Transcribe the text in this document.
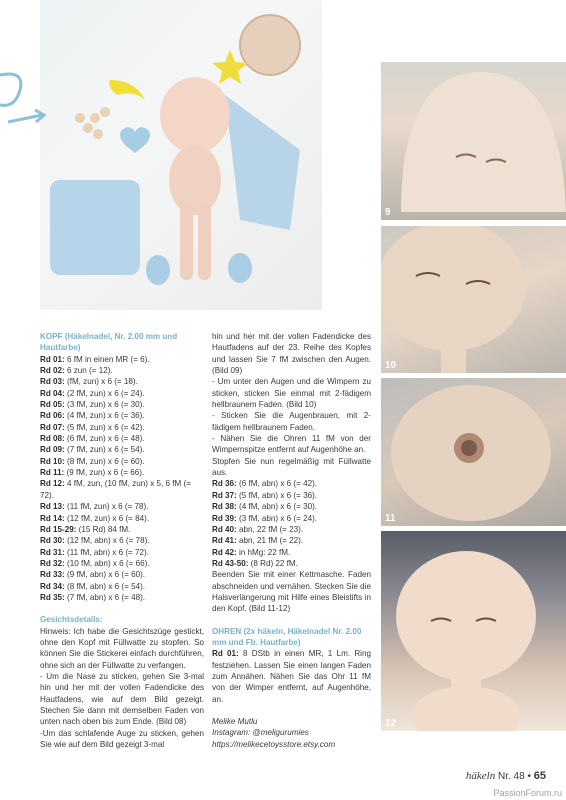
9
10
11
12

KOPF (Häkelnadel, Nr. 2.00 mm und Hautfarbe)

Rd 01: 6 fM in einen MR (= 6).

Rd 02: 6 zun (= 12).

Rd 03: (fM, zun) x 6 (= 18).

Rd 04: (2 fM, zun) x 6 (= 24).

Rd 05: (3 fM, zun) x 6 (= 30).

Rd 06: (4 fM, zun) x 6 (= 36).

Rd 07: (5 fM, zun) x 6 (= 42).

Rd 08: (6 fM, zun) x 6 (= 48).

Rd 09: (7 fM, zun) x 6 (= 54).

Rd 10: (8 fM, zun) x 6 (= 60).

Rd 11: (9 fM, zun) x 6 (= 66).

Rd 12: 4 fM, zun, (10 fM, zun) x 5, 6 fM (= 72).

Rd 13: (11 fM, zun) x 6 (= 78).

Rd 14: (12 fM, zun) x 6 (= 84).

Rd 15-29: (15 Rd) 84 fM.

Rd 30: (12 fM, abn) x 6 (= 78).

Rd 31: (11 fM, abn) x 6 (= 72).

Rd 32: (10 fM, abn) x 6 (= 66).

Rd 33: (9 fM, abn) x 6 (= 60).

Rd 34: (8 fM, abn) x 6 (= 54).

Rd 35: (7 fM, abn) x 6 (= 48).

Gesichtsdetails:

Hinweis: Ich habe die Gesichtszüge gestickt, ohne den Kopf mit Füllwatte zu stopfen. So können Sie die Stickerei einfach durchführen, ohne sich an der Füllwatte zu verfangen.

- Um die Nase zu sticken, gehen Sie 3-mal hin und her mit der vollen Fadendicke des Hautfadens, wie auf dem Bild gezeigt. Stechen Sie dann mit demselben Faden von unten nach oben bis zum Ende. (Bild 08)

-Um das schlafende Auge zu sticken, gehen Sie wie auf dem Bild gezeigt 3-mal

hin und her mit der vollen Fadendicke des Hautfadens auf der 23. Reihe des Kopfes und lassen Sie 7 fM zwischen den Augen. (Bild 09)

- Um unter den Augen und die Wimpern zu sticken, sticken Sie einmal mit 2-fädigem hellbraunem Faden. (Bild 10)

- Sticken Sie die Augenbrauen, mit 2-fädigem hellbraunem Faden.

- Nähen Sie die Ohren 11 fM von der Wimpernspitze entfernt auf Augenhöhe an.

Stopfen Sie nun regelmäßig mit Füllwatte aus.

Rd 36: (6 fM, abn) x 6 (= 42).

Rd 37: (5 fM, abn) x 6 (= 36).

Rd 38: (4 fM, abn) x 6 (= 30).

Rd 39: (3 fM, abn) x 6 (= 24).

Rd 40: abn, 22 fM (= 23).

Rd 41: abn, 21 fM (= 22).

Rd 42: in hMg: 22 fM.

Rd 43-50: (8 Rd) 22 fM.

Beenden Sie mit einer Kettmasche. Faden abschneiden und vernähen. Stecken Sie die Halsverlängerung mit Hilfe eines Bleistifts in den Kopf. (Bild 11-12)

OHREN (2x häkeln, Häkelnadel Nr. 2.00 mm und Fb. Hautfarbe)

Rd 01: 8 DStb in einen MR, 1 Lm. Ring festziehen. Lassen Sie einen langen Faden zum Annähen. Nähen Sie das Ohr 11 fM von der Wimper entfernt, auf Augenhöhe, an.

Melike Mutlu

Instagram: @meligurumies

https://melikecetoysstore.etsy.com

häkeln Nr. 48 • 65
PassionForum.ru
